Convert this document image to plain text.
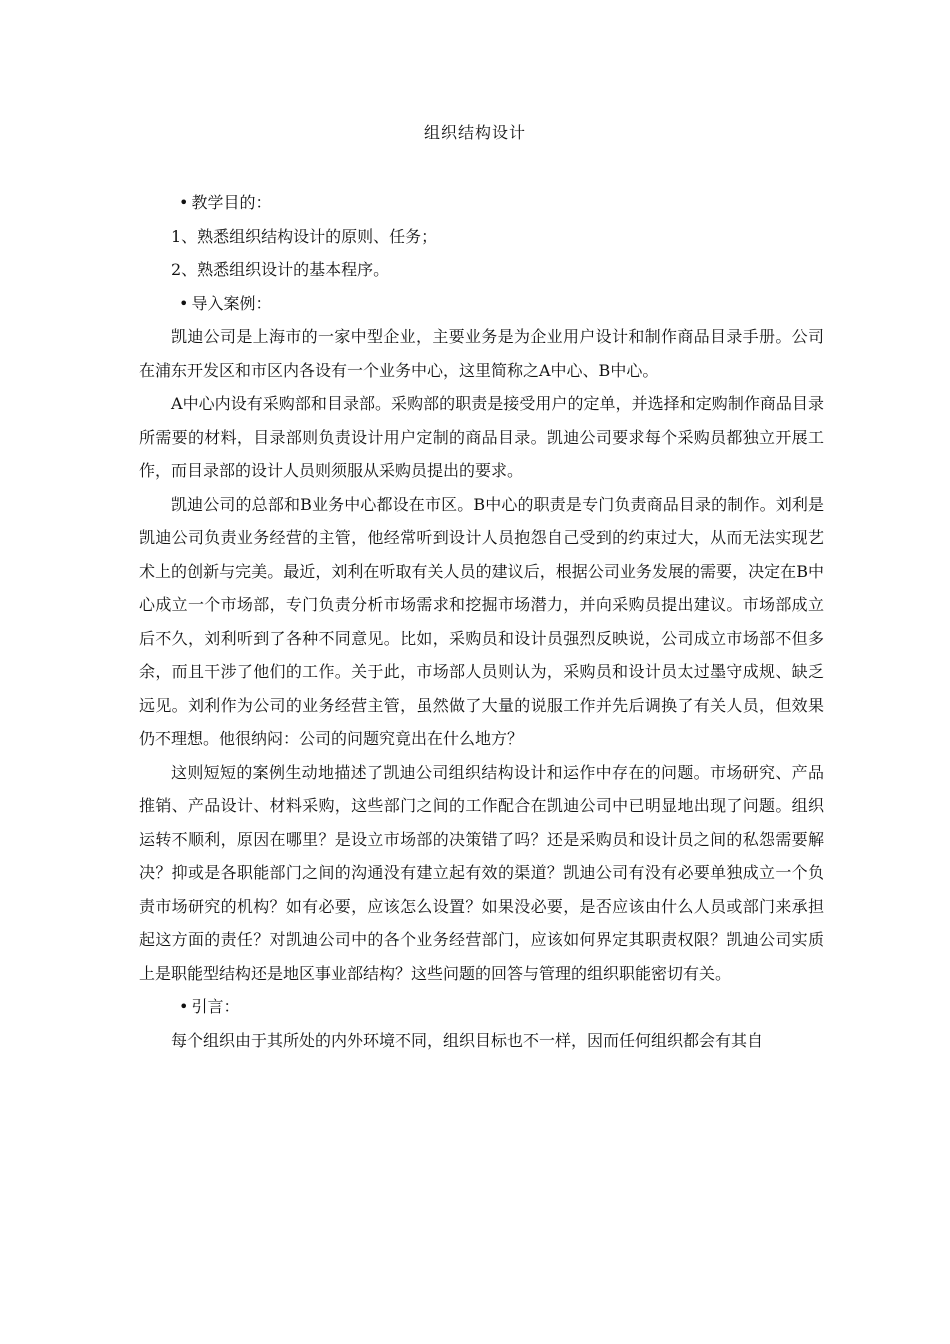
组织结构设计

• 教学目的：

1、熟悉组织结构设计的原则、任务；

2、熟悉组织设计的基本程序。

• 导入案例：

凯迪公司是上海市的一家中型企业，主要业务是为企业用户设计和制作商品目录手册。公司在浦东开发区和市区内各设有一个业务中心，这里简称之A中心、B中心。

A中心内设有采购部和目录部。采购部的职责是接受用户的定单，并选择和定购制作商品目录所需要的材料，目录部则负责设计用户定制的商品目录。凯迪公司要求每个采购员都独立开展工作，而目录部的设计人员则须服从采购员提出的要求。

凯迪公司的总部和B业务中心都设在市区。B中心的职责是专门负责商品目录的制作。刘利是凯迪公司负责业务经营的主管，他经常听到设计人员抱怨自己受到的约束过大，从而无法实现艺术上的创新与完美。最近，刘利在听取有关人员的建议后，根据公司业务发展的需要，决定在B中心成立一个市场部，专门负责分析市场需求和挖掘市场潜力，并向采购员提出建议。市场部成立后不久，刘利听到了各种不同意见。比如，采购员和设计员强烈反映说，公司成立市场部不但多余，而且干涉了他们的工作。关于此，市场部人员则认为，采购员和设计员太过墨守成规、缺乏远见。刘利作为公司的业务经营主管，虽然做了大量的说服工作并先后调换了有关人员，但效果仍不理想。他很纳闷：公司的问题究竟出在什么地方？

这则短短的案例生动地描述了凯迪公司组织结构设计和运作中存在的问题。市场研究、产品推销、产品设计、材料采购，这些部门之间的工作配合在凯迪公司中已明显地出现了问题。组织运转不顺利，原因在哪里？是设立市场部的决策错了吗？还是采购员和设计员之间的私怨需要解决？抑或是各职能部门之间的沟通没有建立起有效的渠道？凯迪公司有没有必要单独成立一个负责市场研究的机构？如有必要，应该怎么设置？如果没必要，是否应该由什么人员或部门来承担起这方面的责任？对凯迪公司中的各个业务经营部门，应该如何界定其职责权限？凯迪公司实质上是职能型结构还是地区事业部结构？这些问题的回答与管理的组织职能密切有关。

• 引言：

每个组织由于其所处的内外环境不同，组织目标也不一样，因而任何组织都会有其自
